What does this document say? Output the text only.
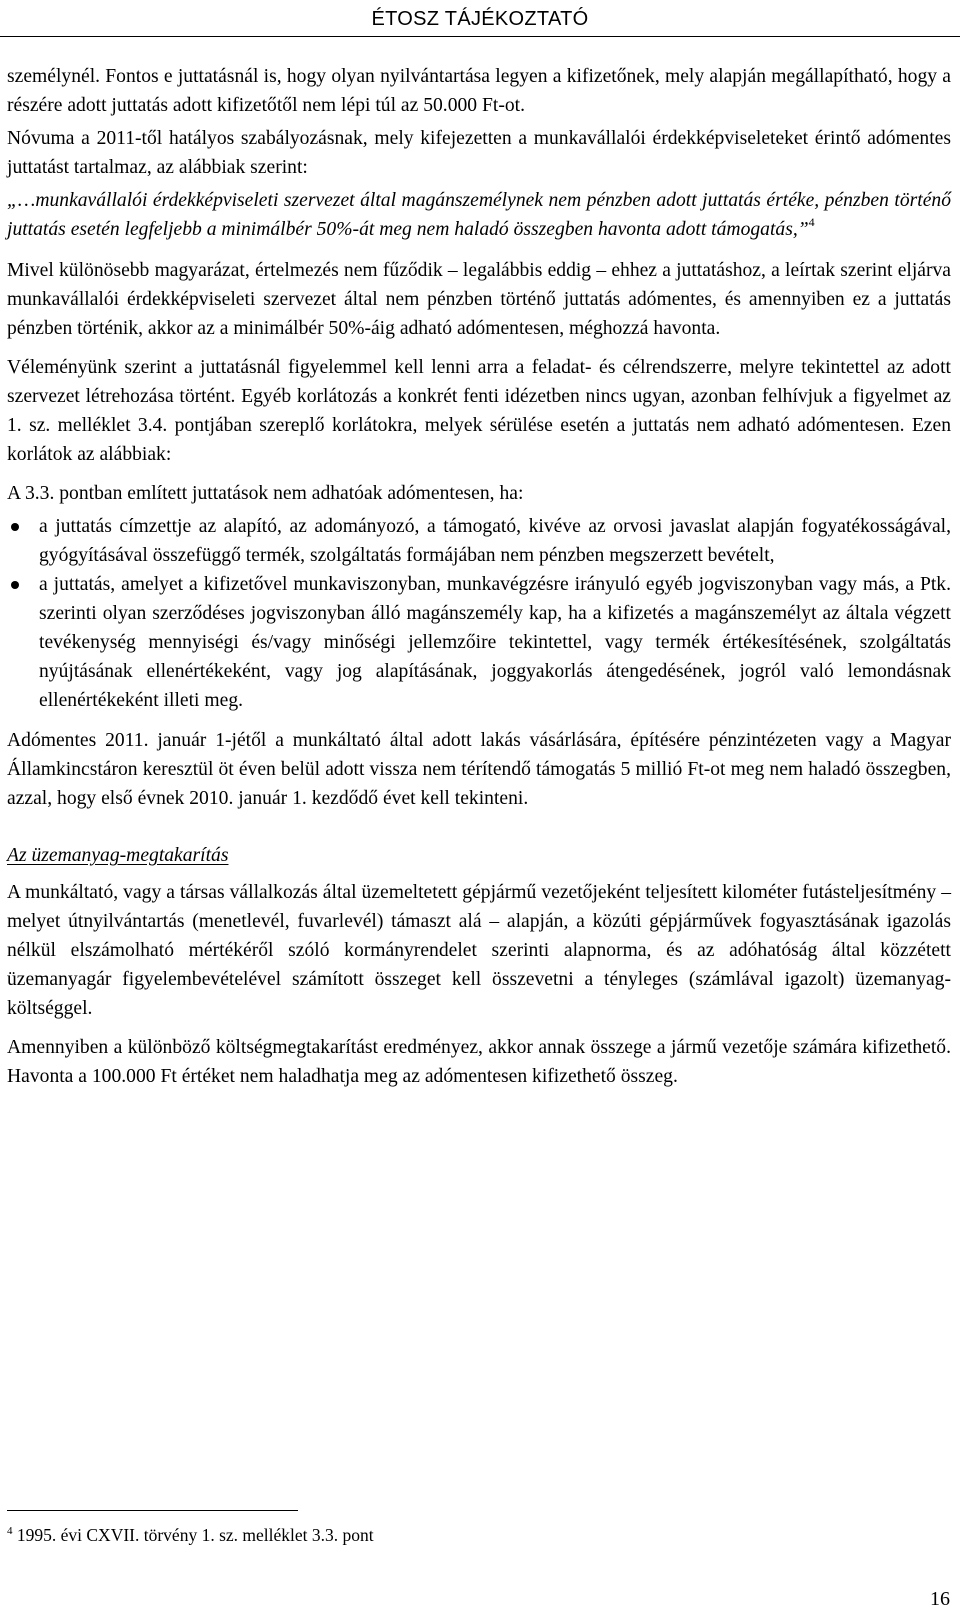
ÉTOSZ TÁJÉKOZTATÓ

személynél. Fontos e juttatásnál is, hogy olyan nyilvántartása legyen a kifizetőnek, mely alapján megállapítható, hogy a részére adott juttatás adott kifizetőtől nem lépi túl az 50.000 Ft-ot.

Nóvuma a 2011-től hatályos szabályozásnak, mely kifejezetten a munkavállalói érdekképviseleteket érintő adómentes juttatást tartalmaz, az alábbiak szerint:

„…munkavállalói érdekképviseleti szervezet által magánszemélynek nem pénzben adott juttatás értéke, pénzben történő juttatás esetén legfeljebb a minimálbér 50%-át meg nem haladó összegben havonta adott támogatás,”$^4$

Mivel különösebb magyarázat, értelmezés nem fűződik – legalábbis eddig – ehhez a juttatáshoz, a leírtak szerint eljárva munkavállalói érdekképviseleti szervezet által nem pénzben történő juttatás adómentes, és amennyiben ez a juttatás pénzben történik, akkor az a minimálbér 50%-áig adható adómentesen, méghozzá havonta.

Véleményünk szerint a juttatásnál figyelemmel kell lenni arra a feladat- és célrendszerre, melyre tekintettel az adott szervezet létrehozása történt. Egyéb korlátozás a konkrét fenti idézetben nincs ugyan, azonban felhívjuk a figyelmet az 1. sz. melléklet 3.4. pontjában szereplő korlátokra, melyek sérülése esetén a juttatás nem adható adómentesen. Ezen korlátok az alábbiak:

A 3.3. pontban említett juttatások nem adhatóak adómentesen, ha:

a juttatás címzettje az alapító, az adományozó, a támogató, kivéve az orvosi javaslat alapján fogyatékosságával, gyógyításával összefüggő termék, szolgáltatás formájában nem pénzben megszerzett bevételt,
a juttatás, amelyet a kifizetővel munkaviszonyban, munkavégzésre irányuló egyéb jogviszonyban vagy más, a Ptk. szerinti olyan szerződéses jogviszonyban álló magánszemély kap, ha a kifizetés a magánszemélyt az általa végzett tevékenység mennyiségi és/vagy minőségi jellemzőire tekintettel, vagy termék értékesítésének, szolgáltatás nyújtásának ellenértékeként, vagy jog alapításának, joggyakorlás átengedésének, jogról való lemondásnak ellenértékeként illeti meg.

Adómentes 2011. január 1-jétől a munkáltató által adott lakás vásárlására, építésére pénzintézeten vagy a Magyar Államkincstáron keresztül öt éven belül adott vissza nem térítendő támogatás 5 millió Ft-ot meg nem haladó összegben, azzal, hogy első évnek 2010. január 1. kezdődő évet kell tekinteni.

Az üzemanyag-megtakarítás

A munkáltató, vagy a társas vállalkozás által üzemeltetett gépjármű vezetőjeként teljesített kilométer futásteljesítmény – melyet útnyilvántartás (menetlevél, fuvarlevél) támaszt alá – alapján, a közúti gépjárművek fogyasztásának igazolás nélkül elszámolható mértékéről szóló kormányrendelet szerinti alapnorma, és az adóhatóság által közzétett üzemanyagár figyelembevételével számított összeget kell összevetni a tényleges (számlával igazolt) üzemanyagköltséggel.

Amennyiben a különböző költségmegtakarítást eredményez, akkor annak összege a jármű vezetője számára kifizethető. Havonta a 100.000 Ft értéket nem haladhatja meg az adómentesen kifizethető összeg.

$^4$ 1995. évi CXVII. törvény 1. sz. melléklet 3.3. pont
16
